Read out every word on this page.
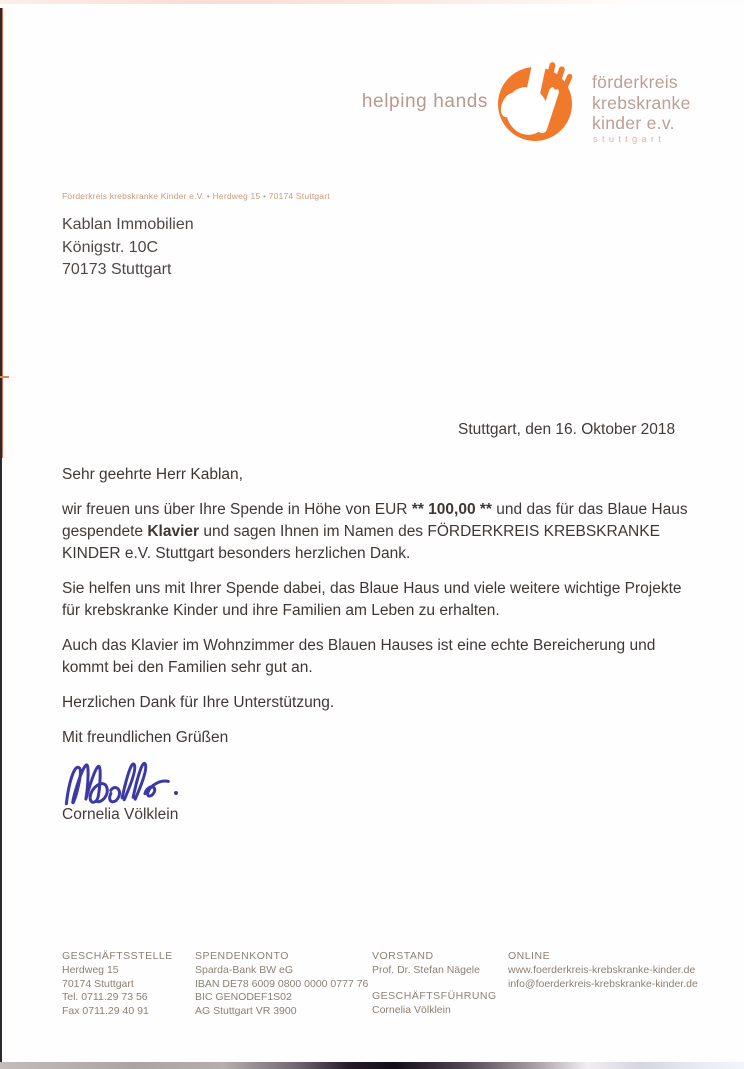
helping hands
förderkreis
krebskranke
kinder e.v.
stuttgart
Förderkreis krebskranke Kinder e.V. • Herdweg 15 • 70174 Stuttgart
Kablan Immobilien
Königstr. 10C
70173 Stuttgart
Stuttgart, den 16. Oktober 2018

Sehr geehrte Herr Kablan,

wir freuen uns über Ihre Spende in Höhe von EUR ** 100,00 ** und das für das Blaue Haus gespendete Klavier und sagen Ihnen im Namen des FÖRDERKREIS KREBSKRANKE KINDER e.V. Stuttgart besonders herzlichen Dank.

Sie helfen uns mit Ihrer Spende dabei, das Blaue Haus und viele weitere wichtige Projekte für krebskranke Kinder und ihre Familien am Leben zu erhalten.

Auch das Klavier im Wohnzimmer des Blauen Hauses ist eine echte Bereicherung und kommt bei den Familien sehr gut an.

Herzlichen Dank für Ihre Unterstützung.

Mit freundlichen Grüßen

Cornelia Völklein
GESCHÄFTSSTELLE
Herdweg 15
70174 Stuttgart
Tel. 0711.29 73 56
Fax 0711.29 40 91
SPENDENKONTO
Sparda-Bank BW eG
IBAN DE78 6009 0800 0000 0777 76
BIC GENODEF1S02
AG Stuttgart VR 3900
VORSTAND
Prof. Dr. Stefan Nägele
GESCHÄFTSFÜHRUNG
Cornelia Völklein
ONLINE
www.foerderkreis-krebskranke-kinder.de
info@foerderkreis-krebskranke-kinder.de
